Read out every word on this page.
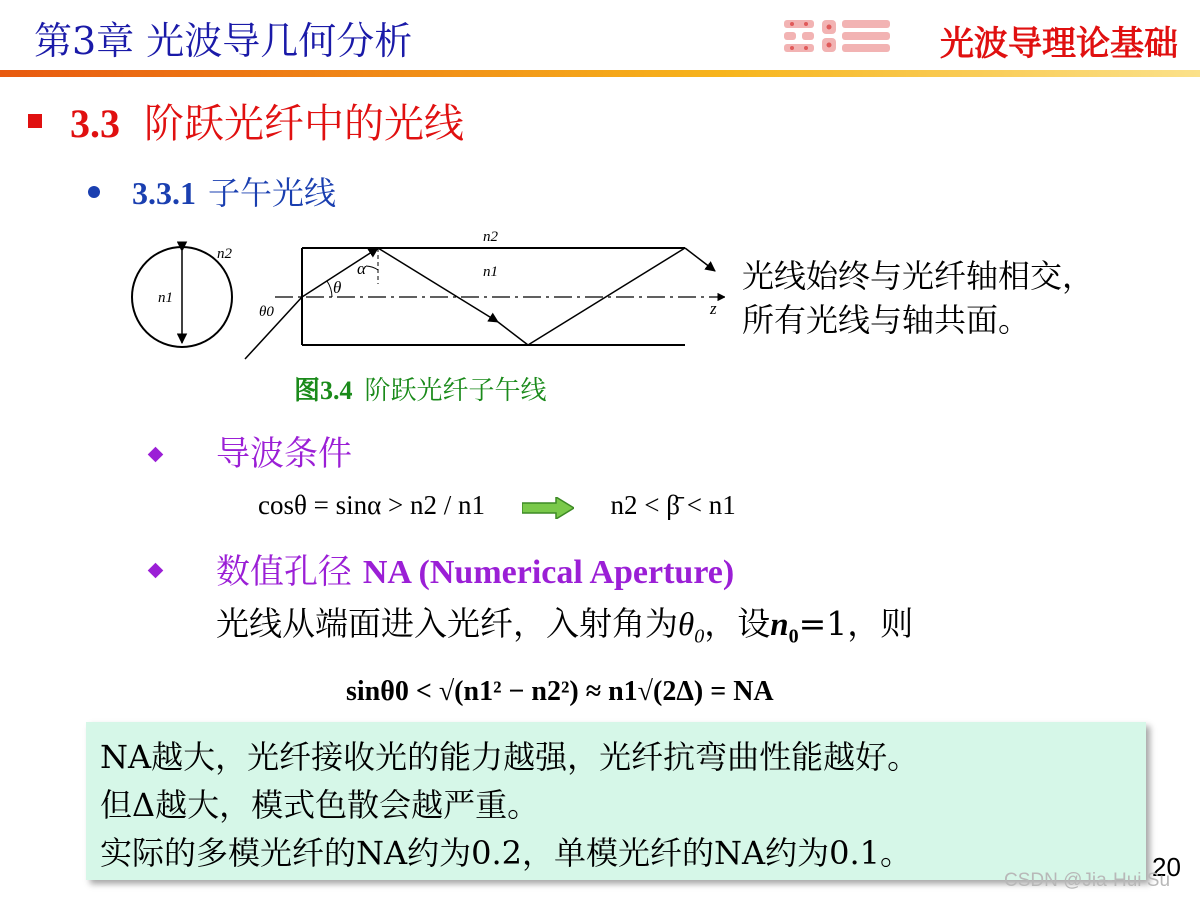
第3章 光波导几何分析	光波导理论基础
3.3 阶跃光纤中的光线
3.3.1 子午光线
n2
n1
α
θ
θ0
n2
n1
z
光线始终与光纤轴相交，
所有光线与轴共面。
图3.4 阶跃光纤子午线
导波条件
cosθ = sinα > n2 / n1	n2 < β̄ < n1
数值孔径 NA (Numerical Aperture)
光线从端面进入光纤，入射角为$\theta_0$，设$n_0=1$，则
sinθ0 < √(n1² − n2²) ≈ n1√(2Δ) = NA
NA越大，光纤接收光的能力越强，光纤抗弯曲性能越好。
但Δ越大，模式色散会越严重。
实际的多模光纤的NA约为0.2，单模光纤的NA约为0.1。	20
CSDN @Jia-Hui Su
